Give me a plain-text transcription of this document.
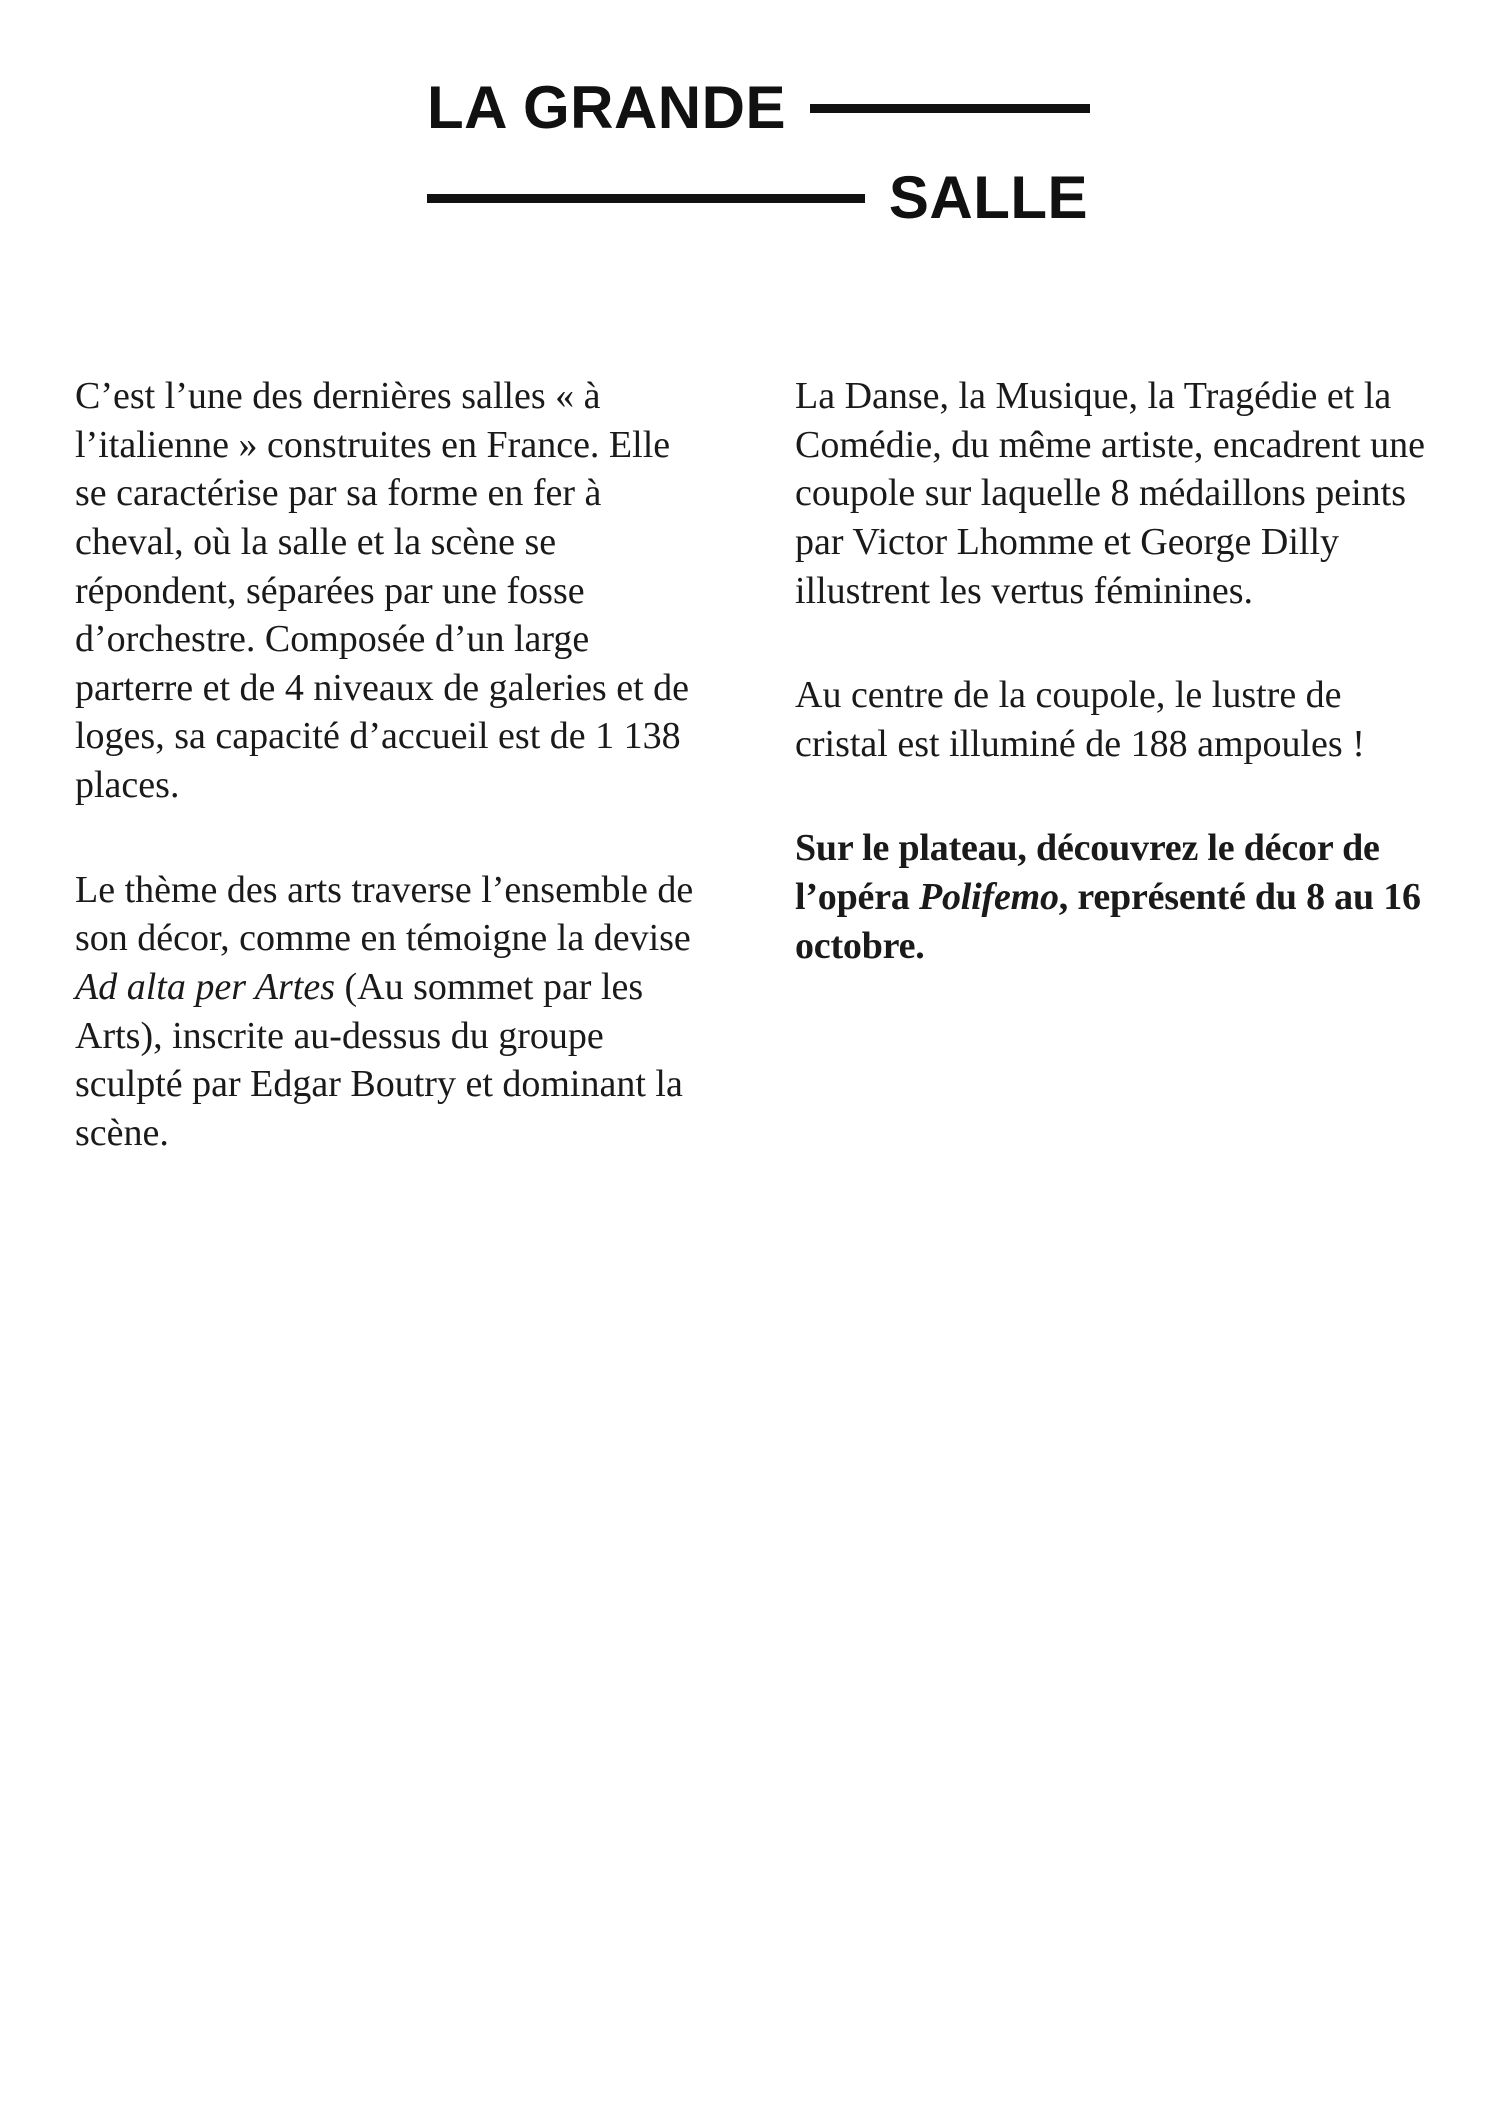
LA GRANDE
SALLE

C’est l’une des dernières salles « à l’italienne » construites en France. Elle se caractérise par sa forme en fer à cheval, où la salle et la scène se répondent, séparées par une fosse d’orchestre. Composée d’un large parterre et de 4 niveaux de galeries et de loges, sa capacité d’accueil est de 1 138 places.

Le thème des arts traverse l’ensemble de son décor, comme en témoigne la devise Ad alta per Artes (Au sommet par les Arts), inscrite au-dessus du groupe sculpté par Edgar Boutry et dominant la scène.

La Danse, la Musique, la Tragédie et la Comédie, du même artiste, encadrent une coupole sur laquelle 8 médaillons peints par Victor Lhomme et George Dilly illustrent les vertus féminines.

Au centre de la coupole, le lustre de cristal est illuminé de 188 ampoules !

Sur le plateau, découvrez le décor de l’opéra Polifemo, représenté du 8 au 16 octobre.
